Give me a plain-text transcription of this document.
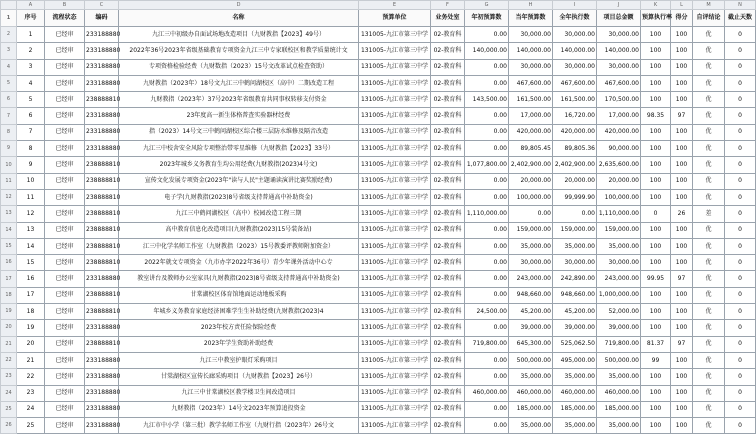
	A	B	C	D	E	F	G	H	I	J	K	L	M	N
1	序号	流程状态	编码	名称	预算单位	业务处室	年初预算数	当年预算数	全年执行数	项目总金额	预算执行率	得分	自评结论	截止天数
2	1	已经审	233188880	九江三中初级办自面试场地改造项目（九财教指【2023】49号）	131005-九江市第三中学	02-教育科	0.00	30,000.00	30,000.00	30,000.00	100	100	优	0
3	2	已经审	233188880	2022年36号2023年省级基础教育专项资金九江三中专家联校区和教学质量统计文	131005-九江市第三中学	02-教育科	140,000.00	140,000.00	140,000.00	140,000.00	100	100	优	0
4	3	已经审	233188880	专项资格检验经费（九财数指（2023）15号文改革试点检查资助）	131005-九江市第三中学	02-教育科	0.00	30,000.00	30,000.00	30,000.00	100	100	优	0
5	4	已经审	233188880	九财教指（2023年）18号文九江三中鹤问湖校区（高中）二期改造工程	131005-九江市第三中学	02-教育科	0.00	467,600.00	467,600.00	467,600.00	100	100	优	0
6	5	已经审	238888810	九财教指（2023年）37号2023年省级教育共同事权转移支付资金	131005-九江市第三中学	02-教育科	143,500.00	161,500.00	161,500.00	170,500.00	100	100	优	0
7	6	已经审	233188880	23年度高一新生体格普查实验器材经费	131005-九江市第三中学	02-教育科	0.00	17,000.00	16,720.00	17,000.00	98.35	97	优	0
8	7	已经审	233188880	指（2023）14号文三中鹤问湖校区综合楼三层防水维修及隔音改造	131005-九江市第三中学	02-教育科	0.00	420,000.00	420,000.00	420,000.00	100	100	优	0
9	8	已经审	233188880	九江三中校舍安全风险专项整治带零星维修（九财教指【2023】33号）	131005-九江市第三中学	02-教育科	0.00	89,805.45	89,805.36	90,000.00	100	100	优	0
10	9	已经审	238888810	2023年城乡义务教育生均公用经费(九财教指(2023)4号文)	131005-九江市第三中学	02-教育科	1,077,800.00	2,402,900.00	2,402,900.00	2,635,600.00	100	100	优	0
11	10	已经审	238888810	宣传文化发展专项资金(2023年"读与人民"主题诵读演讲比赛奖励经费)	131005-九江市第三中学	02-教育科	0.00	20,000.00	20,000.00	20,000.00	100	100	优	0
12	11	已经审	238888810	电子学(九财教指(2023)8号省级支持普通高中补助资金)	131005-九江市第三中学	02-教育科	0.00	100,000.00	99,999.90	100,000.00	100	100	优	0
13	12	已经审	238888810	九江三中鹤问湖校区（高中）校园改造工程三期	131005-九江市第三中学	02-教育科	1,110,000.00	0.00	0.00	1,110,000.00	0	26	差	0
14	13	已经审	238888810	高中教育信息化改造项目(九财教指(2023)15号装备站)	131005-九江市第三中学	02-教育科	0.00	159,000.00	159,000.00	159,000.00	100	100	优	0
15	14	已经审	238888810	江三中化学名师工作室（九财教指（2023）15号教委评教师附加资金）	131005-九江市第三中学	02-教育科	0.00	35,000.00	35,000.00	35,000.00	100	100	优	0
16	15	已经审	238888810	2022年就文专项资金（九市办字2022年36号）青少年课外活动中心专	131005-九江市第三中学	02-教育科	0.00	30,000.00	30,000.00	30,000.00	100	100	优	0
17	16	已经审	233188880	教室讲台及教师办公室家具(九财教指(2023)8号省级支持普通高中补助资金)	131005-九江市第三中学	02-教育科	0.00	243,000.00	242,890.00	243,000.00	99.95	97	优	0
18	17	已经审	238888810	甘棠湖校区体育馆地面运动地板采购	131005-九江市第三中学	02-教育科	0.00	948,660.00	948,660.00	1,000,000.00	100	100	优	0
19	18	已经审	238888810	年城乡义务教育家庭经济困难学生生补助经费(九财教指(2023)4	131005-九江市第三中学	02-教育科	24,500.00	45,200.00	45,200.00	52,000.00	100	100	优	0
20	19	已经审	233188880	2023年校方责任险保险经费	131005-九江市第三中学	02-教育科	0.00	39,000.00	39,000.00	39,000.00	100	100	优	0
21	20	已经审	238888810	2023年学生资助补助经费	131005-九江市第三中学	02-教育科	719,800.00	645,300.00	525,062.50	719,800.00	81.37	97	优	0
22	21	已经审	233188880	九江三中教室护眼灯采购项目	131005-九江市第三中学	02-教育科	0.00	500,000.00	495,000.00	500,000.00	99	100	优	0
23	22	已经审	233188880	甘棠湖校区宣传长廊采购项目（九财教指【2023】26号）	131005-九江市第三中学	02-教育科	0.00	35,000.00	35,000.00	35,000.00	100	100	优	0
24	23	已经审	233188880	九江三中甘棠湖校区教学楼卫生间改造项目	131005-九江市第三中学	02-教育科	460,000.00	460,000.00	460,000.00	460,000.00	100	100	优	0
25	24	已经审	233188880	九财教指（2023年）14号文2023年预算追投资金	131005-九江市第三中学	02-教育科	0.00	185,000.00	185,000.00	185,000.00	100	100	优	0
26	25	已经审	233188880	九江市中小学（第三批）教学名师工作室（九财行指（2023年）26号文	131005-九江市第三中学	02-教育科	0.00	35,000.00	35,000.00	35,000.00	100	100	优	0
